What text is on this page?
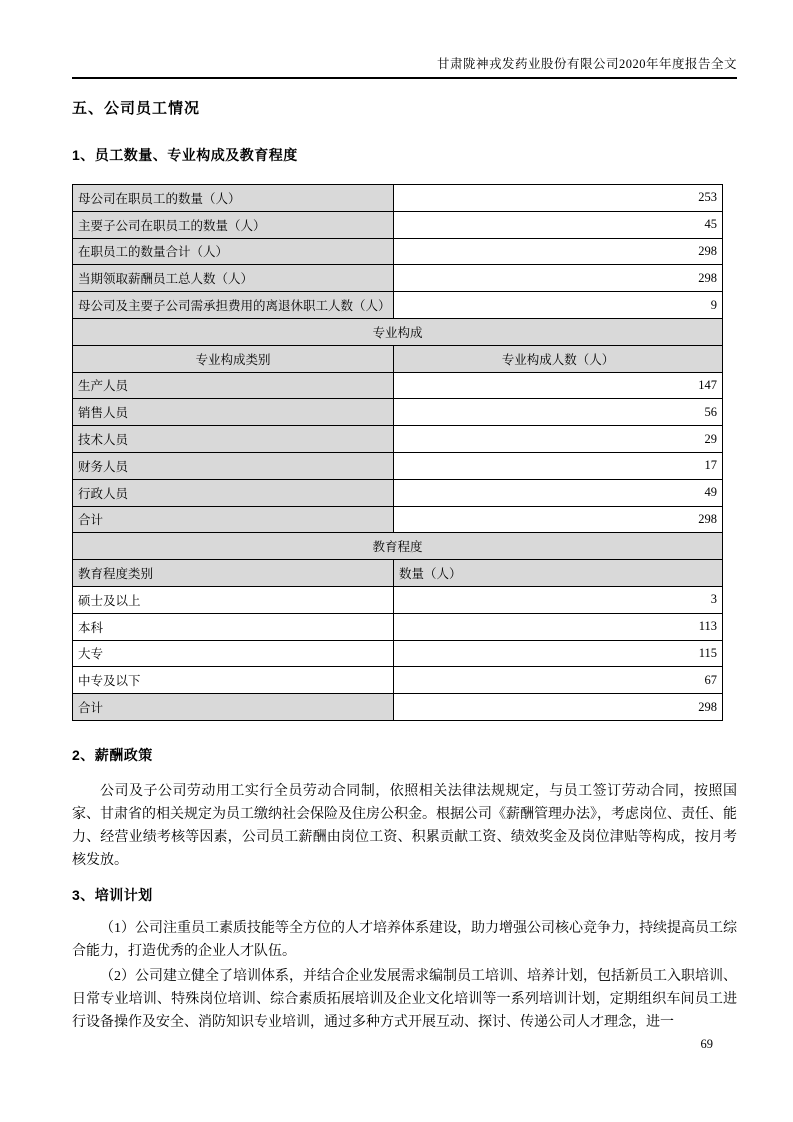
甘肃陇神戎发药业股份有限公司2020年年度报告全文
五、公司员工情况
1、员工数量、专业构成及教育程度
母公司在职员工的数量（人）	253
主要子公司在职员工的数量（人）	45
在职员工的数量合计（人）	298
当期领取薪酬员工总人数（人）	298
母公司及主要子公司需承担费用的离退休职工人数（人）	9
专业构成	
专业构成类别	专业构成人数（人）
生产人员	147
销售人员	56
技术人员	29
财务人员	17
行政人员	49
合计	298
教育程度	
教育程度类别	数量（人）
硕士及以上	3
本科	113
大专	115
中专及以下	67
合计	298
2、薪酬政策

公司及子公司劳动用工实行全员劳动合同制，依照相关法律法规规定，与员工签订劳动合同，按照国家、甘肃省的相关规定为员工缴纳社会保险及住房公积金。根据公司《薪酬管理办法》，考虑岗位、责任、能力、经营业绩考核等因素，公司员工薪酬由岗位工资、积累贡献工资、绩效奖金及岗位津贴等构成，按月考核发放。

3、培训计划

（1）公司注重员工素质技能等全方位的人才培养体系建设，助力增强公司核心竞争力，持续提高员工综合能力，打造优秀的企业人才队伍。

（2）公司建立健全了培训体系，并结合企业发展需求编制员工培训、培养计划，包括新员工入职培训、日常专业培训、特殊岗位培训、综合素质拓展培训及企业文化培训等一系列培训计划，定期组织车间员工进行设备操作及安全、消防知识专业培训，通过多种方式开展互动、探讨、传递公司人才理念，进一

69
